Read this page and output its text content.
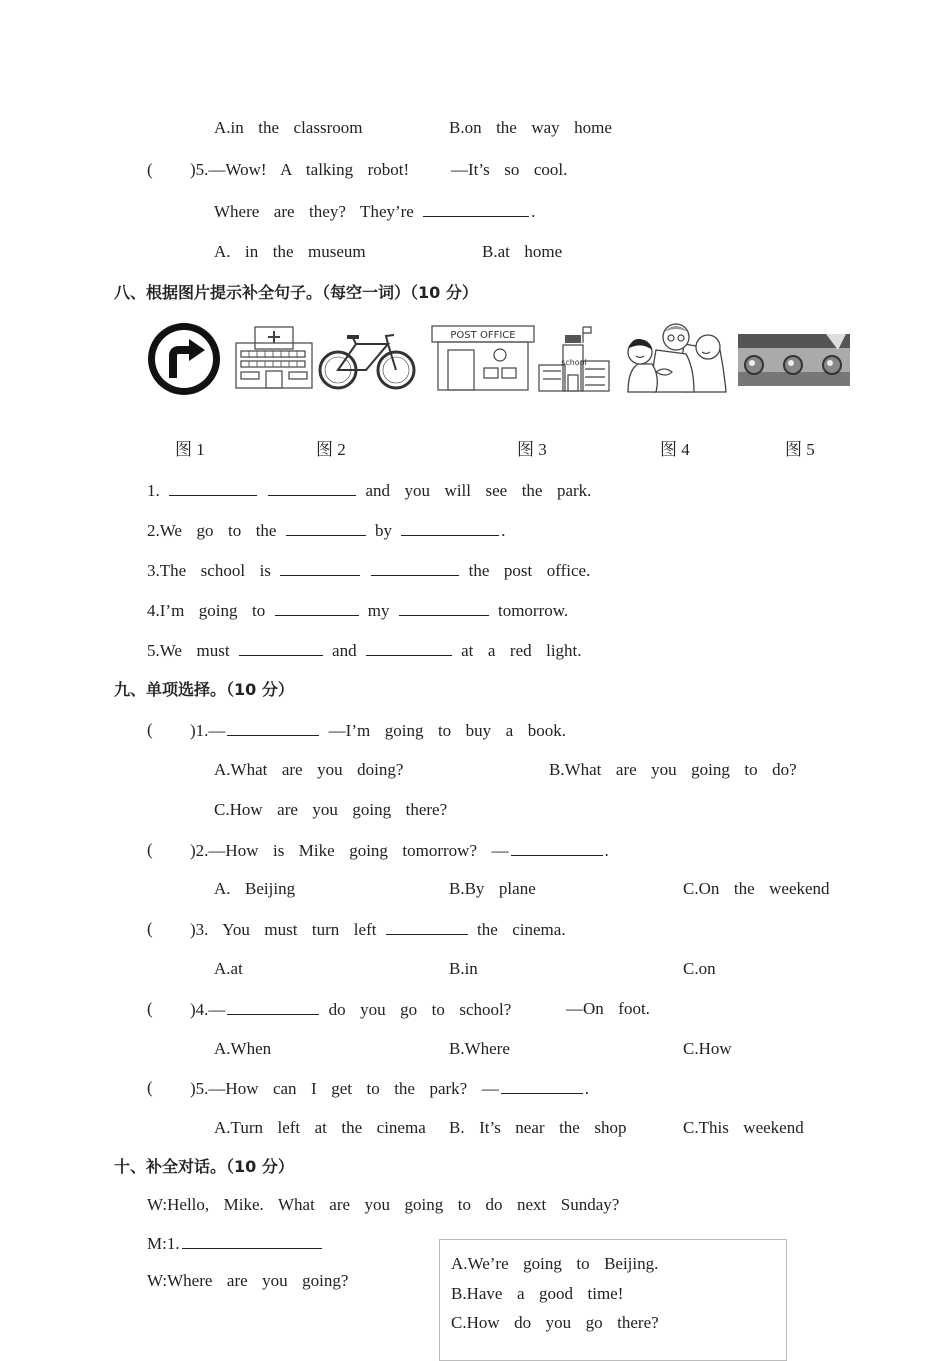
A.in  the  classroom	B.on  the  way  home
( )5.—Wow!  A  talking  robot! —It’s  so  cool.
Where  are  they?  They’re	.
A.  in  the  museum	B.at  home
八、根据图片提示补全句子。（每空一词）（10 分）
POST OFFICE
school
图 1	图 2	图 3	图 4	图 5
1.	and  you  will  see  the  park.
2.We  go  to  the	by	.
3.The  school  is	the  post  office.
4.I’m  going  to	my	tomorrow.
5.We  must	and	at  a  red  light.
九、单项选择。（10 分）
( )1.—	—I’m  going  to  buy  a  book.
A.What  are  you  doing?	B.What  are  you  going  to  do?
C.How  are  you  going  there?
( )2.—How  is  Mike  going  tomorrow?  —	.
A.  Beijing	B.By  plane	C.On  the  weekend
( )3.  You  must  turn  left	the  cinema.
A.at	B.in	C.on
( )4.—	do  you  go  to  school?	—On  foot.
A.When	B.Where	C.How
( )5.—How  can  I  get  to  the  park?  —	.
A.Turn  left  at  the  cinema B.  It’s  near  the  shop	C.This  weekend
十、补全对话。（10 分）
W:Hello,  Mike.  What  are  you  going  to  do  next  Sunday?
M:1.
W:Where  are  you  going?
A.We’re  going  to  Beijing.
B.Have  a  good  time!
C.How  do  you  go  there?
